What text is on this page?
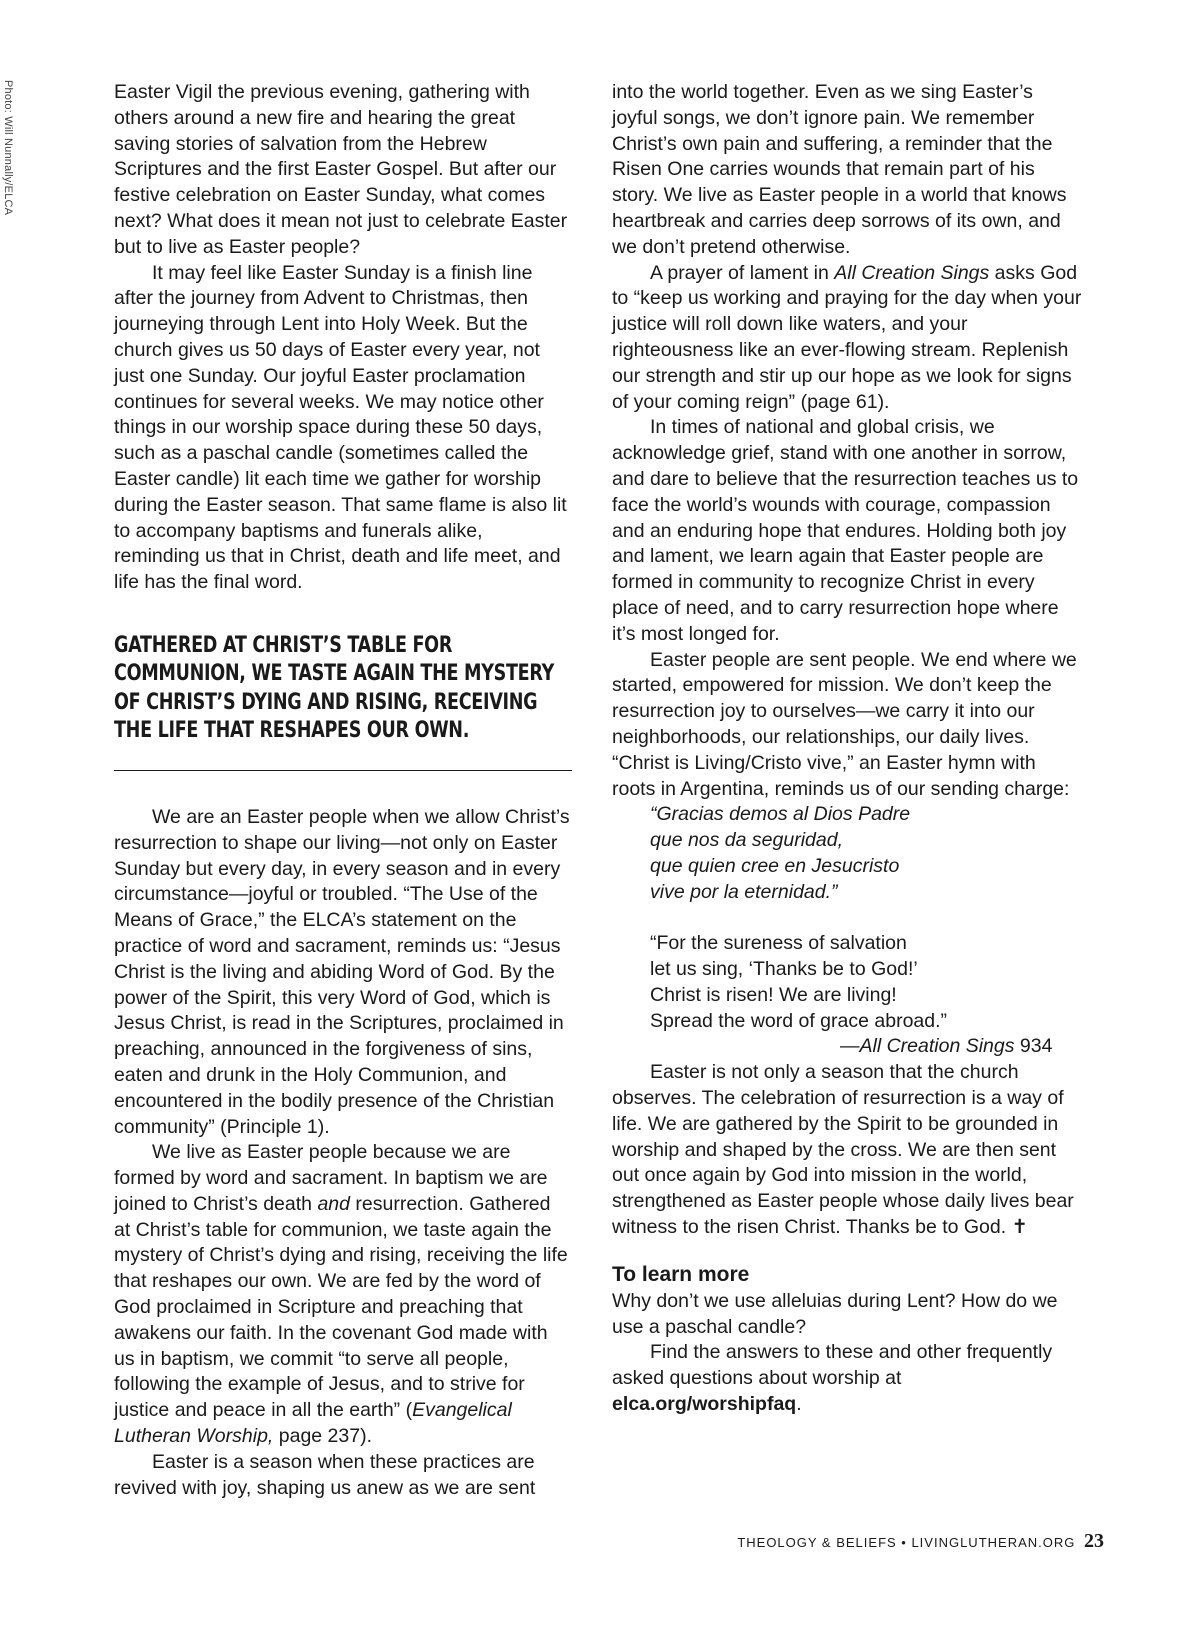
Photo: Will Nunnally/ELCA	Easter Vigil the previous evening, gathering with others around a new fire and hearing the great saving stories of salvation from the Hebrew Scriptures and the first Easter Gospel. But after our festive celebration on Easter Sunday, what comes next? What does it mean not just to celebrate Easter but to live as Easter people?

It may feel like Easter Sunday is a finish line after the journey from Advent to Christmas, then journeying through Lent into Holy Week. But the church gives us 50 days of Easter every year, not just one Sunday. Our joyful Easter proclamation continues for several weeks. We may notice other things in our worship space during these 50 days, such as a paschal candle (sometimes called the Easter candle) lit each time we gather for worship during the Easter season. That same flame is also lit to accompany baptisms and funerals alike, reminding us that in Christ, death and life meet, and life has the final word.

GATHERED AT CHRIST’S TABLE FOR COMMUNION, WE TASTE AGAIN THE MYSTERY OF CHRIST’S DYING AND RISING, RECEIVING THE LIFE THAT RESHAPES OUR OWN.

We are an Easter people when we allow Christ’s resurrection to shape our living—not only on Easter Sunday but every day, in every season and in every circumstance—joyful or troubled. “The Use of the Means of Grace,” the ELCA’s statement on the practice of word and sacrament, reminds us: “Jesus Christ is the living and abiding Word of God. By the power of the Spirit, this very Word of God, which is Jesus Christ, is read in the Scriptures, proclaimed in preaching, announced in the forgiveness of sins, eaten and drunk in the Holy Communion, and encountered in the bodily presence of the Christian community” (Principle 1).

We live as Easter people because we are formed by word and sacrament. In baptism we are joined to Christ’s death and resurrection. Gathered at Christ’s table for communion, we taste again the mystery of Christ’s dying and rising, receiving the life that reshapes our own. We are fed by the word of God proclaimed in Scripture and preaching that awakens our faith. In the covenant God made with us in baptism, we commit “to serve all people, following the example of Jesus, and to strive for justice and peace in all the earth” (Evangelical Lutheran Worship, page 237).

Easter is a season when these practices are revived with joy, shaping us anew as we are sent

into the world together. Even as we sing Easter’s joyful songs, we don’t ignore pain. We remember Christ’s own pain and suffering, a reminder that the Risen One carries wounds that remain part of his story. We live as Easter people in a world that knows heartbreak and carries deep sorrows of its own, and we don’t pretend otherwise.

A prayer of lament in All Creation Sings asks God to “keep us working and praying for the day when your justice will roll down like waters, and your righteousness like an ever-flowing stream. Replenish our strength and stir up our hope as we look for signs of your coming reign” (page 61).

In times of national and global crisis, we acknowledge grief, stand with one another in sorrow, and dare to believe that the resurrection teaches us to face the world’s wounds with courage, compassion and an enduring hope that endures. Holding both joy and lament, we learn again that Easter people are formed in community to recognize Christ in every place of need, and to carry resurrection hope where it’s most longed for.

Easter people are sent people. We end where we started, empowered for mission. We don’t keep the resurrection joy to ourselves—we carry it into our neighborhoods, our relationships, our daily lives. “Christ is Living/Cristo vive,” an Easter hymn with roots in Argentina, reminds us of our sending charge:

“Gracias demos al Dios Padre
que nos da seguridad,
que quien cree en Jesucristo
vive por la eternidad.”
“For the sureness of salvation
let us sing, ‘Thanks be to God!’
Christ is risen! We are living!
Spread the word of grace abroad.”
—All Creation Sings 934

Easter is not only a season that the church observes. The celebration of resurrection is a way of life. We are gathered by the Spirit to be grounded in worship and shaped by the cross. We are then sent out once again by God into mission in the world, strengthened as Easter people whose daily lives bear witness to the risen Christ. Thanks be to God. ✝

To learn more

Why don’t we use alleluias during Lent? How do we use a paschal candle?

Find the answers to these and other frequently asked questions about worship at elca.org/worshipfaq.

THEOLOGY & BELIEFS • LIVINGLUTHERAN.ORG 23
